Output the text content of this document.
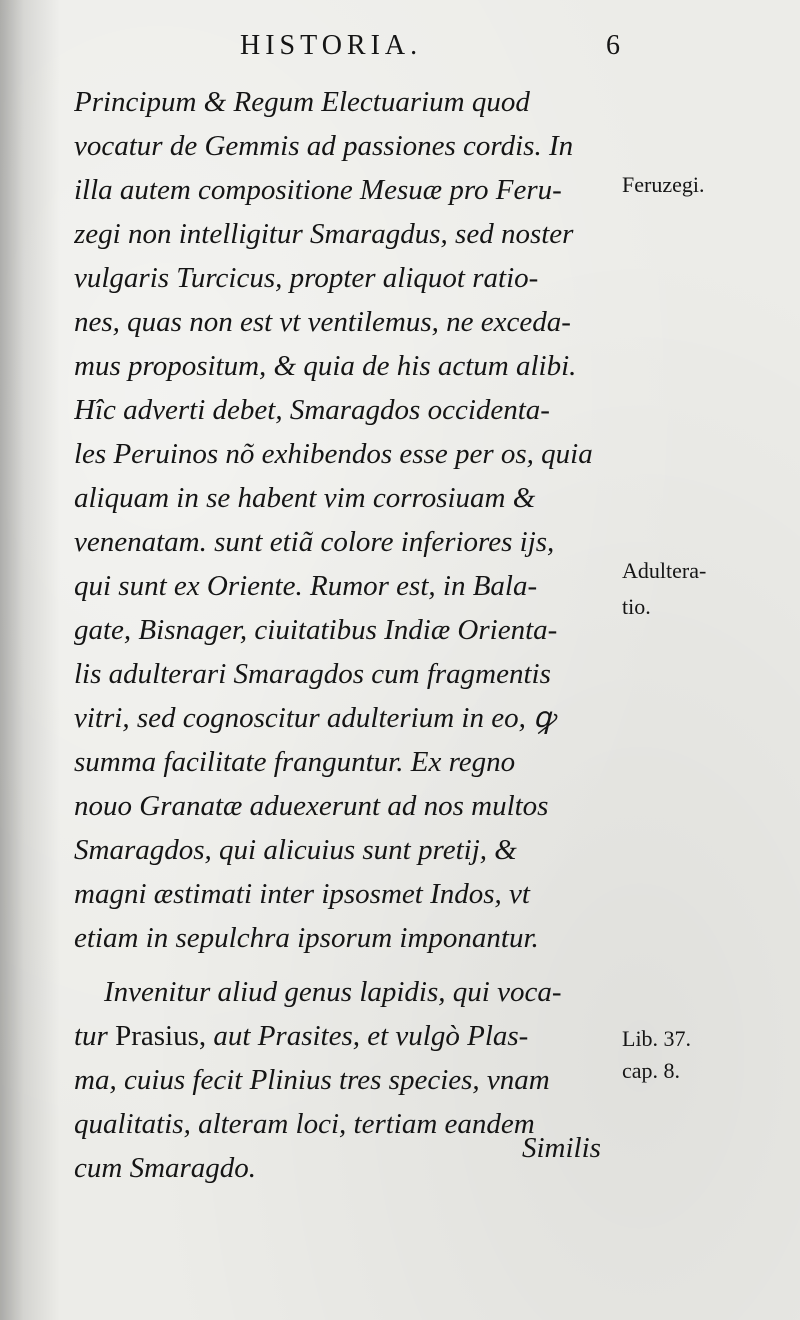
HISTORIA.	6
Principum & Regum Electuarium quod
vocatur de Gemmis ad passiones cordis. In
illa autem compositione Mesuæ pro Feru-
zegi non intelligitur Smaragdus, sed noster
vulgaris Turcicus, propter aliquot ratio-
nes, quas non est vt ventilemus, ne exceda-
mus propositum, & quia de his actum alibi.
Hîc adverti debet, Smaragdos occidenta-
les Peruinos nõ exhibendos esse per os, quia
aliquam in se habent vim corrosiuam &
venenatam. sunt etiã colore inferiores ijs,
qui sunt ex Oriente. Rumor est, in Bala-
gate, Bisnager, ciuitatibus Indiæ Orienta-
lis adulterari Smaragdos cum fragmentis
vitri, sed cognoscitur adulterium in eo, ꝙ
summa facilitate franguntur. Ex regno
nouo Granatæ aduexerunt ad nos multos
Smaragdos, qui alicuius sunt pretij, &
magni æstimati inter ipsosmet Indos, vt
etiam in sepulchra ipsorum imponantur.
Invenitur aliud genus lapidis, qui voca-
tur Prasius, aut Prasites, et vulgò Plas-
ma, cuius fecit Plinius tres species, vnam
qualitatis, alteram loci, tertiam eandem
cum Smaragdo.
Feruzegi.
Adultera-
tio.
Lib. 37.
cap. 8.
Similis
